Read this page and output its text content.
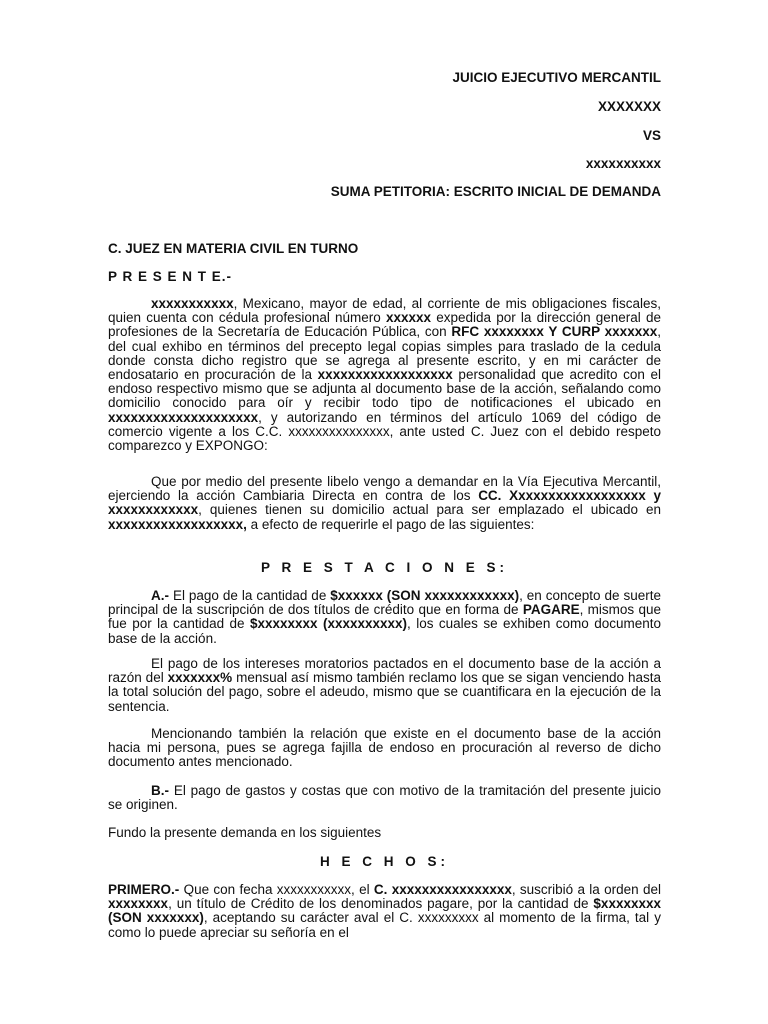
JUICIO EJECUTIVO MERCANTIL
XXXXXXX
VS
xxxxxxxxxx
SUMA PETITORIA: ESCRITO INICIAL DE DEMANDA
C. JUEZ EN MATERIA CIVIL EN TURNO
P R E S E N T E.-

xxxxxxxxxxx, Mexicano, mayor de edad, al corriente de mis obligaciones fiscales, quien cuenta con cédula profesional número xxxxxx expedida por la dirección general de profesiones de la Secretaría de Educación Pública, con RFC xxxxxxxx Y CURP xxxxxxx, del cual exhibo en términos del precepto legal copias simples para traslado de la cedula donde consta dicho registro que se agrega al presente escrito, y en mi carácter de endosatario en procuración de la xxxxxxxxxxxxxxxxxx personalidad que acredito con el endoso respectivo mismo que se adjunta al documento base de la acción, señalando como domicilio conocido para oír y recibir todo tipo de notificaciones el ubicado en xxxxxxxxxxxxxxxxxxxx, y autorizando en términos del artículo 1069 del código de comercio vigente a los C.C. xxxxxxxxxxxxxxx, ante usted C. Juez con el debido respeto comparezco y EXPONGO:

Que por medio del presente libelo vengo a demandar en la Vía Ejecutiva Mercantil, ejerciendo la acción Cambiaria Directa en contra de los CC. Xxxxxxxxxxxxxxxxxx y xxxxxxxxxxxx, quienes tienen su domicilio actual para ser emplazado el ubicado en xxxxxxxxxxxxxxxxxx, a efecto de requerirle el pago de las siguientes:

P R E S T A C I O N E S:

A.- El pago de la cantidad de $xxxxxx (SON xxxxxxxxxxxx), en concepto de suerte principal de la suscripción de dos títulos de crédito que en forma de PAGARE, mismos que fue por la cantidad de $xxxxxxxx (xxxxxxxxxx), los cuales se exhiben como documento base de la acción.

El pago de los intereses moratorios pactados en el documento base de la acción a razón del xxxxxxx% mensual así mismo también reclamo los que se sigan venciendo hasta la total solución del pago, sobre el adeudo, mismo que se cuantificara en la ejecución de la sentencia.

Mencionando también la relación que existe en el documento base de la acción hacia mi persona, pues se agrega fajilla de endoso en procuración al reverso de dicho documento antes mencionado.

B.- El pago de gastos y costas que con motivo de la tramitación del presente juicio se originen.

Fundo la presente demanda en los siguientes

H E C H O S:

PRIMERO.- Que con fecha xxxxxxxxxxx, el C. xxxxxxxxxxxxxxxx, suscribió a la orden del xxxxxxxx, un título de Crédito de los denominados pagare, por la cantidad de $xxxxxxxx (SON xxxxxxx), aceptando su carácter aval el C. xxxxxxxxx al momento de la firma, tal y como lo puede apreciar su señoría en el
